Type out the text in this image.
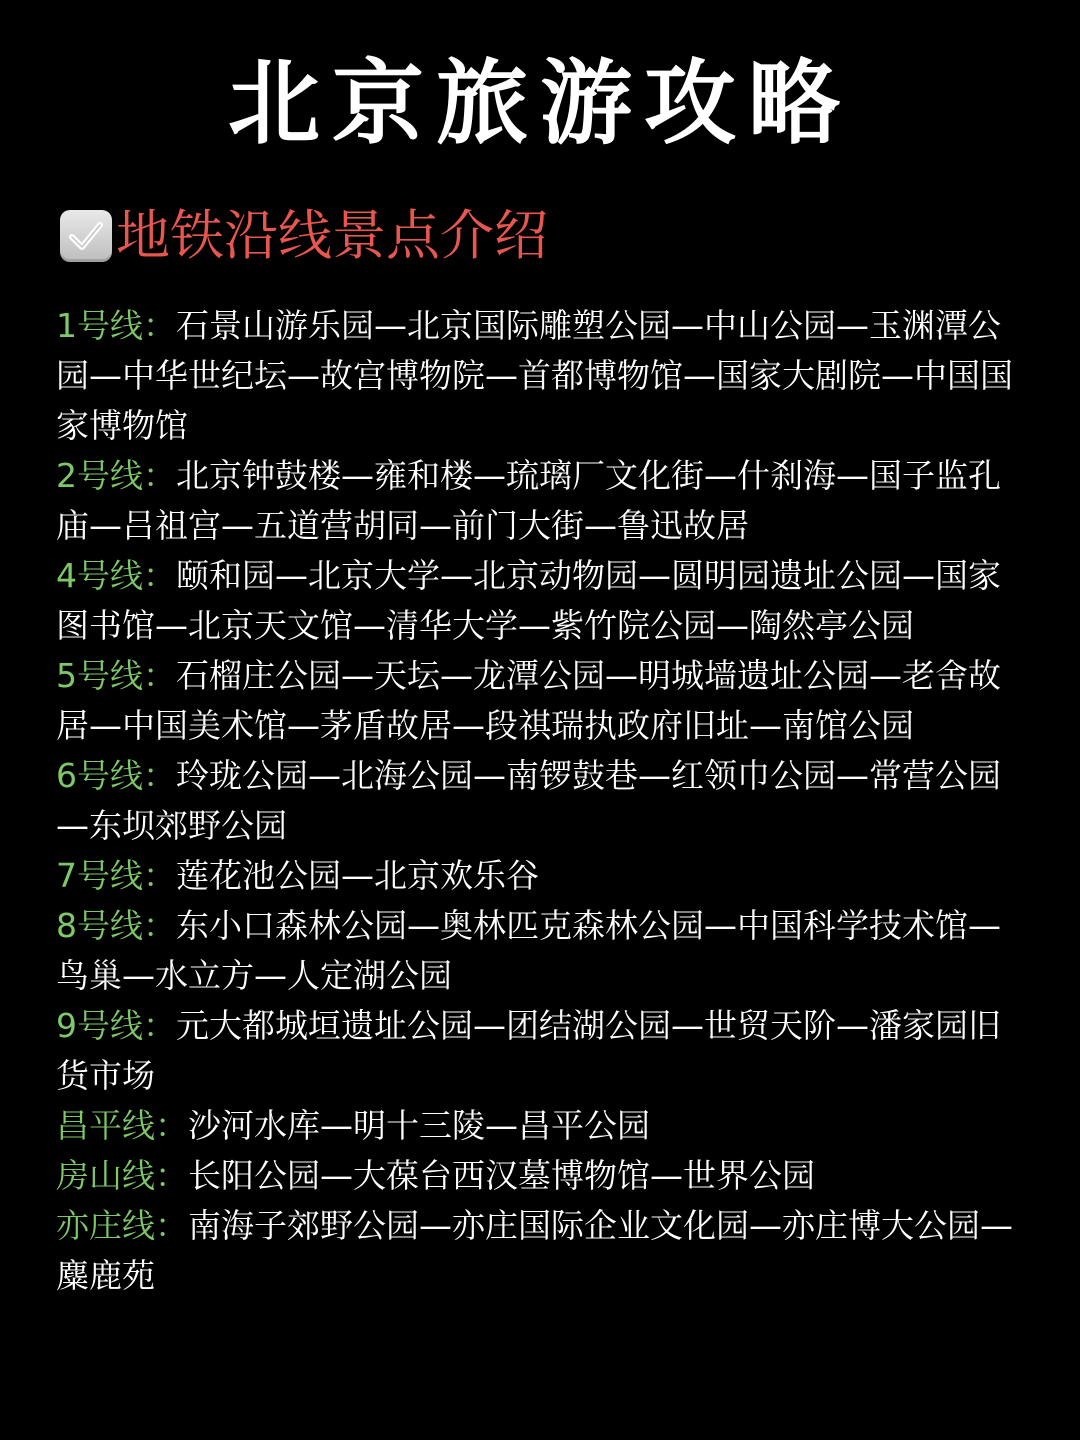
北京旅游攻略
地铁沿线景点介绍
1号线：石景山游乐园—北京国际雕塑公园—中山公园—玉渊潭公园—中华世纪坛—故宫博物院—首都博物馆—国家大剧院—中国国家博物馆
2号线：北京钟鼓楼—雍和楼—琉璃厂文化街—什刹海—国子监孔庙—吕祖宫—五道营胡同—前门大街—鲁迅故居
4号线：颐和园—北京大学—北京动物园—圆明园遗址公园—国家图书馆—北京天文馆—清华大学—紫竹院公园—陶然亭公园
5号线：石榴庄公园—天坛—龙潭公园—明城墙遗址公园—老舍故居—中国美术馆—茅盾故居—段祺瑞执政府旧址—南馆公园
6号线：玲珑公园—北海公园—南锣鼓巷—红领巾公园—常营公园—东坝郊野公园
7号线：莲花池公园—北京欢乐谷
8号线：东小口森林公园—奥林匹克森林公园—中国科学技术馆—鸟巢—水立方—人定湖公园
9号线：元大都城垣遗址公园—团结湖公园—世贸天阶—潘家园旧货市场
昌平线：沙河水库—明十三陵—昌平公园
房山线：长阳公园—大葆台西汉墓博物馆—世界公园
亦庄线：南海子郊野公园—亦庄国际企业文化园—亦庄博大公园—麋鹿苑
